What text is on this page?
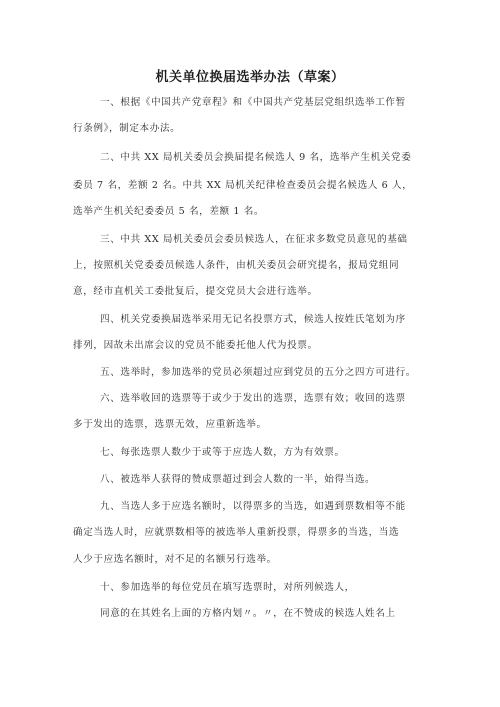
机关单位换届选举办法（草案）
一、根据《中国共产党章程》和《中国共产党基层党组织选举工作暂
行条例》，制定本办法。
二、中共 XX 局机关委员会换届提名候选人 9 名，选举产生机关党委
委员 7 名，差额 2 名。中共 XX 局机关纪律检查委员会提名候选人 6 人，
选举产生机关纪委委员 5 名，差额 1 名。
三、中共 XX 局机关委员会委员候选人，在征求多数党员意见的基础
上，按照机关党委委员候选人条件，由机关委员会研究提名，报局党组同
意，经市直机关工委批复后，提交党员大会进行选举。
四、机关党委换届选举采用无记名投票方式，候选人按姓氏笔划为序
排列，因故未出席会议的党员不能委托他人代为投票。
五、选举时，参加选举的党员必须超过应到党员的五分之四方可进行。
六、选举收回的选票等于或少于发出的选票，选票有效；收回的选票
多于发出的选票，选票无效，应重新选举。
七、每张选票人数少于或等于应选人数，方为有效票。
八、被选举人获得的赞成票超过到会人数的一半，始得当选。
九、当选人多于应选名额时，以得票多的当选，如遇到票数相等不能
确定当选人时，应就票数相等的被选举人重新投票，得票多的当选，当选
人少于应选名额时，对不足的名额另行选举。
十、参加选举的每位党员在填写选票时，对所列候选人，
同意的在其姓名上面的方格内划〃。〃，在不赞成的候选人姓名上
